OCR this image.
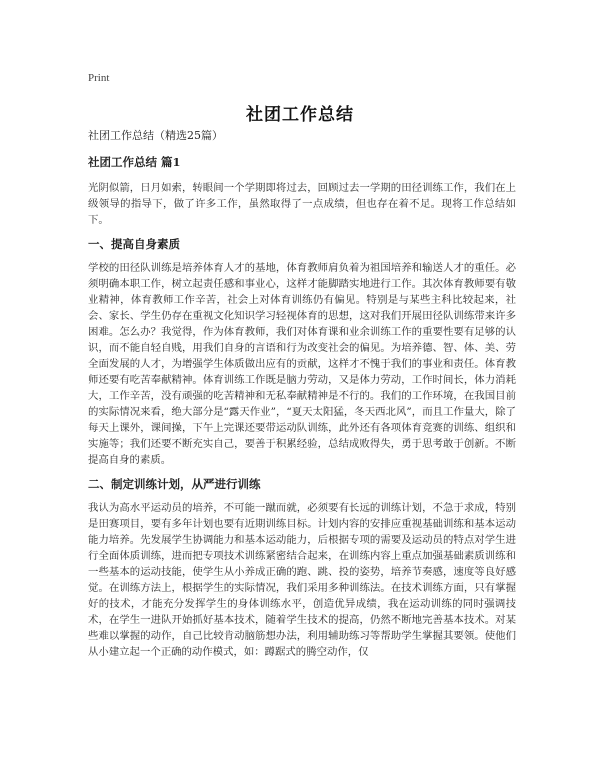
Print
社团工作总结

社团工作总结（精选25篇）

社团工作总结 篇1

光阴似箭，日月如索，转眼间一个学期即将过去，回顾过去一学期的田径训练工作，我们在上级领导的指导下，做了许多工作，虽然取得了一点成绩，但也存在着不足。现将工作总结如下。

一、提高自身素质

学校的田径队训练是培养体育人才的基地，体育教师肩负着为祖国培养和输送人才的重任。必须明确本职工作，树立起责任感和事业心，这样才能脚踏实地进行工作。其次体育教师要有敬业精神，体育教师工作辛苦，社会上对体育训练仍有偏见。特别是与某些主科比较起来，社会、家长、学生仍存在重视文化知识学习轻视体育的思想，这对我们开展田径队训练带来许多困难。怎么办？我觉得，作为体育教师，我们对体育课和业余训练工作的重要性要有足够的认识，而不能自轻自贱，用我们自身的言语和行为改变社会的偏见。为培养德、智、体、美、劳全面发展的人才，为增强学生体质做出应有的贡献，这样才不愧于我们的事业和责任。体育教师还要有吃苦奉献精神。体育训练工作既是脑力劳动，又是体力劳动，工作时间长，体力消耗大，工作辛苦，没有顽强的吃苦精神和无私奉献精神是不行的。我们的工作环境，在我国目前的实际情况来看，绝大部分是“露天作业”，“夏天太阳猛，冬天西北风”，而且工作量大，除了每天上课外，课间操，下午上完课还要带运动队训练，此外还有各项体育竞赛的训练、组织和实施等；我们还要不断充实自己，要善于积累经验，总结成败得失，勇于思考敢于创新。不断提高自身的素质。

二、制定训练计划，从严进行训练

我认为高水平运动员的培养，不可能一蹴而就，必须要有长远的训练计划，不急于求成，特别是田赛项目，要有多年计划也要有近期训练目标。计划内容的安排应重视基础训练和基本运动能力培养。先发展学生协调能力和基本运动能力，后根据专项的需要及运动员的特点对学生进行全面体质训练，进而把专项技术训练紧密结合起来，在训练内容上重点加强基础素质训练和一些基本的运动技能，使学生从小养成正确的跑、跳、投的姿势，培养节奏感，速度等良好感觉。在训练方法上，根据学生的实际情况，我们采用多种训练法。在技术训练方面，只有掌握好的技术，才能充分发挥学生的身体训练水平，创造优异成绩，我在运动训练的同时强调技术，在学生一进队开始抓好基本技术，随着学生技术的提高，仍然不断地完善基本技术。对某些难以掌握的动作，自己比较肯动脑筋想办法，利用辅助练习等帮助学生掌握其要领。使他们从小建立起一个正确的动作模式，如：蹲踞式的腾空动作，仅
